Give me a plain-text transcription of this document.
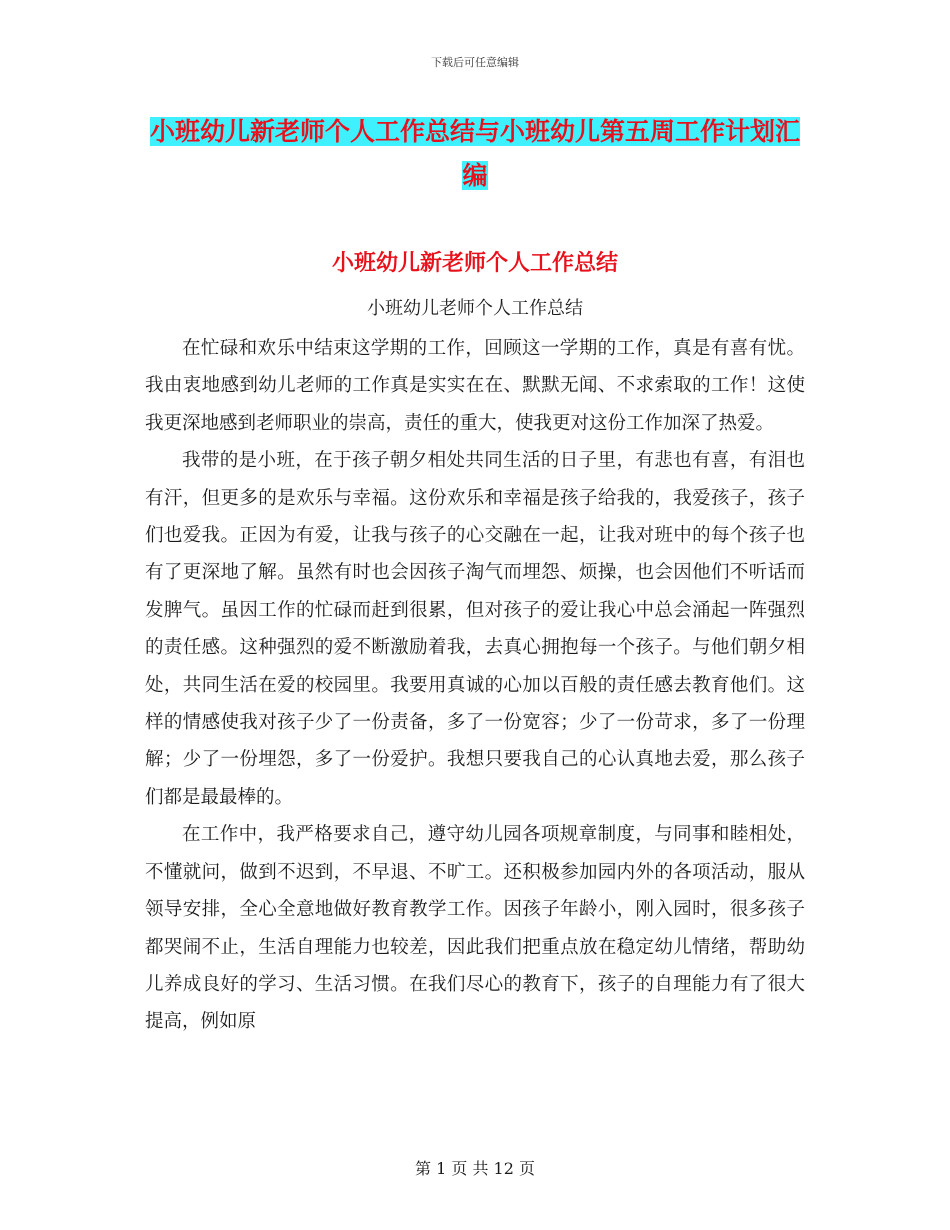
下载后可任意编辑
小班幼儿新老师个人工作总结与小班幼儿第五周工作计划汇编
小班幼儿新老师个人工作总结
小班幼儿老师个人工作总结

在忙碌和欢乐中结束这学期的工作，回顾这一学期的工作，真是有喜有忧。我由衷地感到幼儿老师的工作真是实实在在、默默无闻、不求索取的工作！这使我更深地感到老师职业的崇高，责任的重大，使我更对这份工作加深了热爱。

我带的是小班，在于孩子朝夕相处共同生活的日子里，有悲也有喜，有泪也有汗，但更多的是欢乐与幸福。这份欢乐和幸福是孩子给我的，我爱孩子，孩子们也爱我。正因为有爱，让我与孩子的心交融在一起，让我对班中的每个孩子也有了更深地了解。虽然有时也会因孩子淘气而埋怨、烦操，也会因他们不听话而发脾气。虽因工作的忙碌而赶到很累，但对孩子的爱让我心中总会涌起一阵强烈的责任感。这种强烈的爱不断激励着我，去真心拥抱每一个孩子。与他们朝夕相处，共同生活在爱的校园里。我要用真诚的心加以百般的责任感去教育他们。这样的情感使我对孩子少了一份责备，多了一份宽容；少了一份苛求，多了一份理解；少了一份埋怨，多了一份爱护。我想只要我自己的心认真地去爱，那么孩子们都是最最棒的。

在工作中，我严格要求自己，遵守幼儿园各项规章制度，与同事和睦相处，不懂就问，做到不迟到，不早退、不旷工。还积极参加园内外的各项活动，服从领导安排，全心全意地做好教育教学工作。因孩子年龄小，刚入园时，很多孩子都哭闹不止，生活自理能力也较差，因此我们把重点放在稳定幼儿情绪，帮助幼儿养成良好的学习、生活习惯。在我们尽心的教育下，孩子的自理能力有了很大提高，例如原

第 1 页 共 12 页
